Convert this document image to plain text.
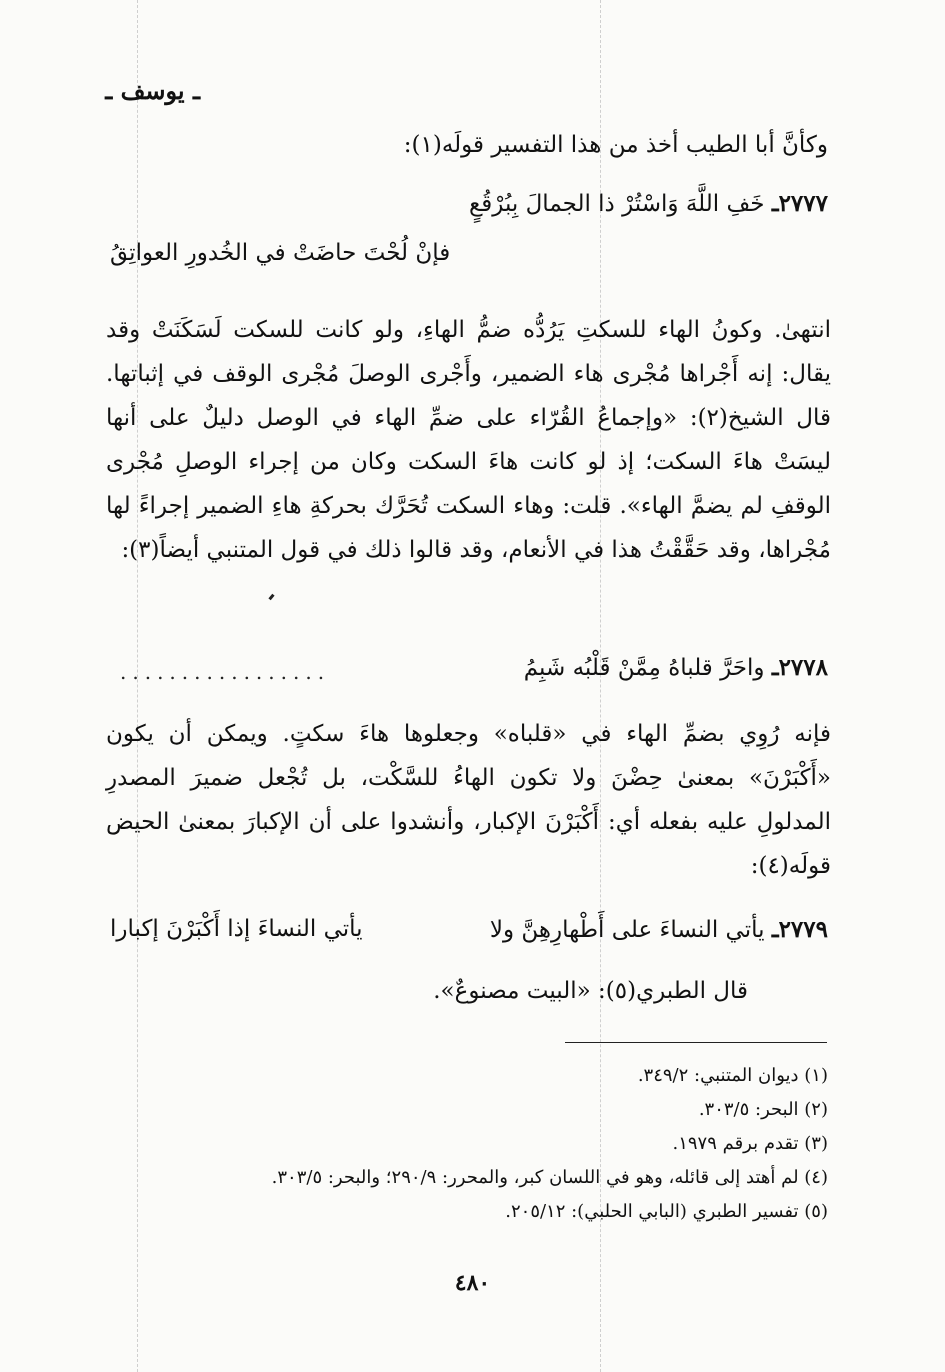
ـ يوسف ـ
وكأنَّ أبا الطيب أخذ من هذا التفسير قولَه(١):
٢٧٧٧ـ خَفِ اللَّهَ وَاسْتُرْ ذا الجمالَ بِبُرْقُعٍ
فإنْ لُحْتَ حاضَتْ في الخُدورِ العواتِقُ
انتهىٰ. وكونُ الهاء للسكتِ يَرُدُّه ضمُّ الهاءِ، ولو كانت للسكت لَسَكَنَتْ وقد يقال: إنه أَجْراها مُجْرى هاء الضمير، وأَجْرى الوصلَ مُجْرى الوقف في إثباتها. قال الشيخ(٢): «وإجماعُ القُرّاء على ضمِّ الهاء في الوصل دليلٌ على أنها ليسَتْ هاءَ السكت؛ إذ لو كانت هاءَ السكت وكان من إجراء الوصلِ مُجْرى الوقفِ لم يضمَّ الهاء». قلت: وهاء السكت تُحَرَّك بحركةِ هاءِ الضمير إجراءً لها مُجْراها، وقد حَقَّقْتُ هذا في الأنعام، وقد قالوا ذلك في قول المتنبي أيضاً(٣):
٢٧٧٨ـ واحَرَّ قلباهُ مِمَّنْ قَلْبُه شَبِمُ
.................
فإنه رُوِي بضمِّ الهاء في «قلباه» وجعلوها هاءَ سكتٍ. ويمكن أن يكون «أَكْبَرْنَ» بمعنىٰ حِضْنَ ولا تكون الهاءُ للسَّكْت، بل تُجْعل ضميرَ المصدرِ المدلولِ عليه بفعله أي: أَكْبَرْنَ الإكبار، وأنشدوا على أن الإكبارَ بمعنىٰ الحيض قولَه(٤):
٢٧٧٩ـ يأتي النساءَ على أَطْهارِهِنَّ ولا
يأتي النساءَ إذا أَكْبَرْنَ إكبارا
قال الطبري(٥): «البيت مصنوعٌ».
(١) ديوان المتنبي: ٣٤٩/٢.
(٢) البحر: ٣٠٣/٥.
(٣) تقدم برقم ١٩٧٩.
(٤) لم أهتد إلى قائله، وهو في اللسان كبر، والمحرر: ٢٩٠/٩؛ والبحر: ٣٠٣/٥.
(٥) تفسير الطبري (البابي الحلبي): ٢٠٥/١٢.
٤٨٠
